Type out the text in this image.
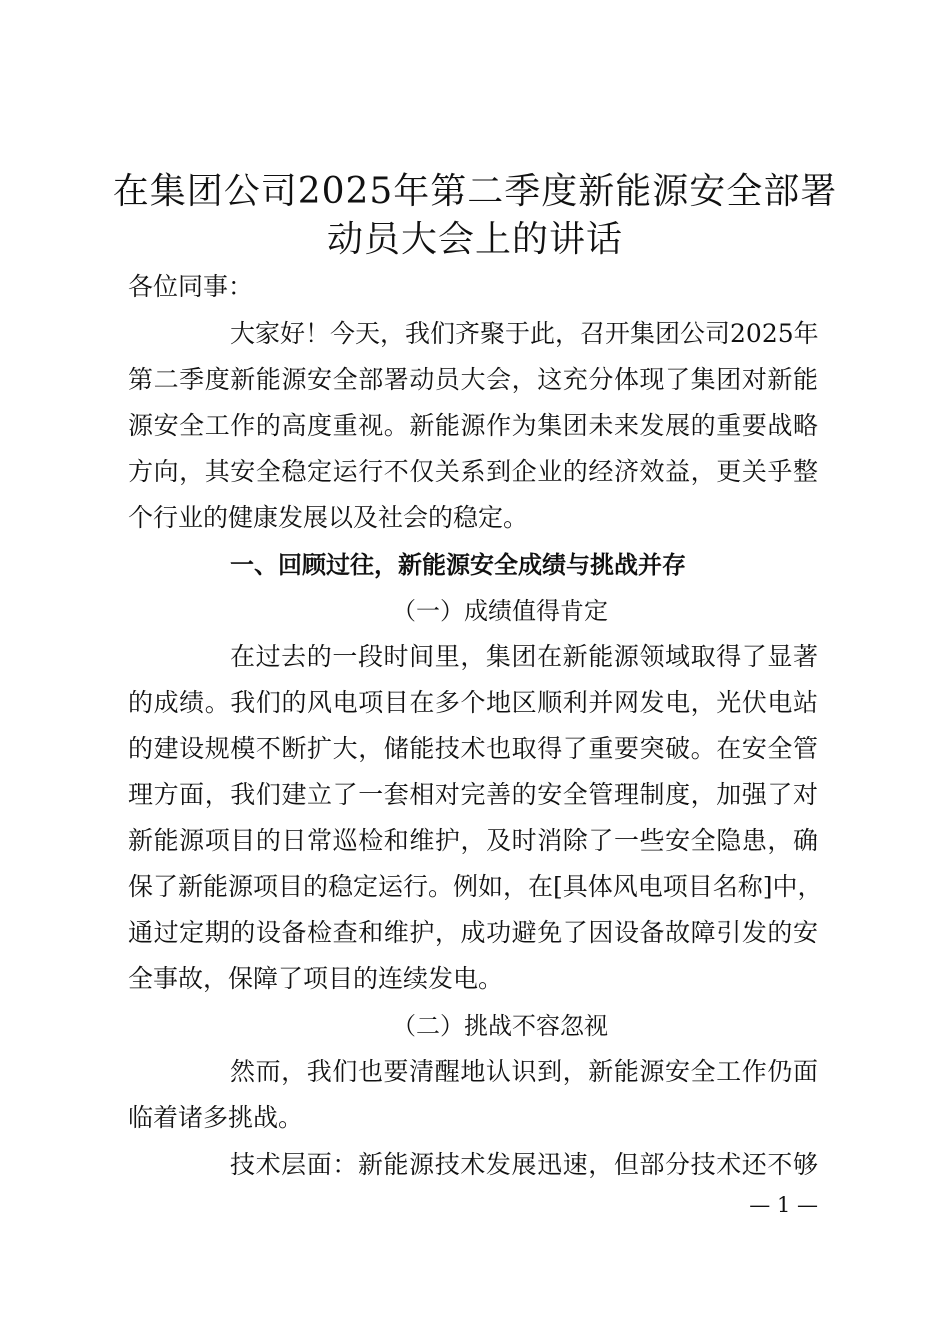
在集团公司2025年第二季度新能源安全部署
动员大会上的讲话
各位同事：
大家好！今天，我们齐聚于此，召开集团公司2025年
第二季度新能源安全部署动员大会，这充分体现了集团对新能
源安全工作的高度重视。新能源作为集团未来发展的重要战略
方向，其安全稳定运行不仅关系到企业的经济效益，更关乎整
个行业的健康发展以及社会的稳定。
一、回顾过往，新能源安全成绩与挑战并存
（一）成绩值得肯定
在过去的一段时间里，集团在新能源领域取得了显著
的成绩。我们的风电项目在多个地区顺利并网发电，光伏电站
的建设规模不断扩大，储能技术也取得了重要突破。在安全管
理方面，我们建立了一套相对完善的安全管理制度，加强了对
新能源项目的日常巡检和维护，及时消除了一些安全隐患，确
保了新能源项目的稳定运行。例如，在[具体风电项目名称]中，
通过定期的设备检查和维护，成功避免了因设备故障引发的安
全事故，保障了项目的连续发电。
（二）挑战不容忽视
然而，我们也要清醒地认识到，新能源安全工作仍面
临着诸多挑战。
技术层面：新能源技术发展迅速，但部分技术还不够
— 1 —
